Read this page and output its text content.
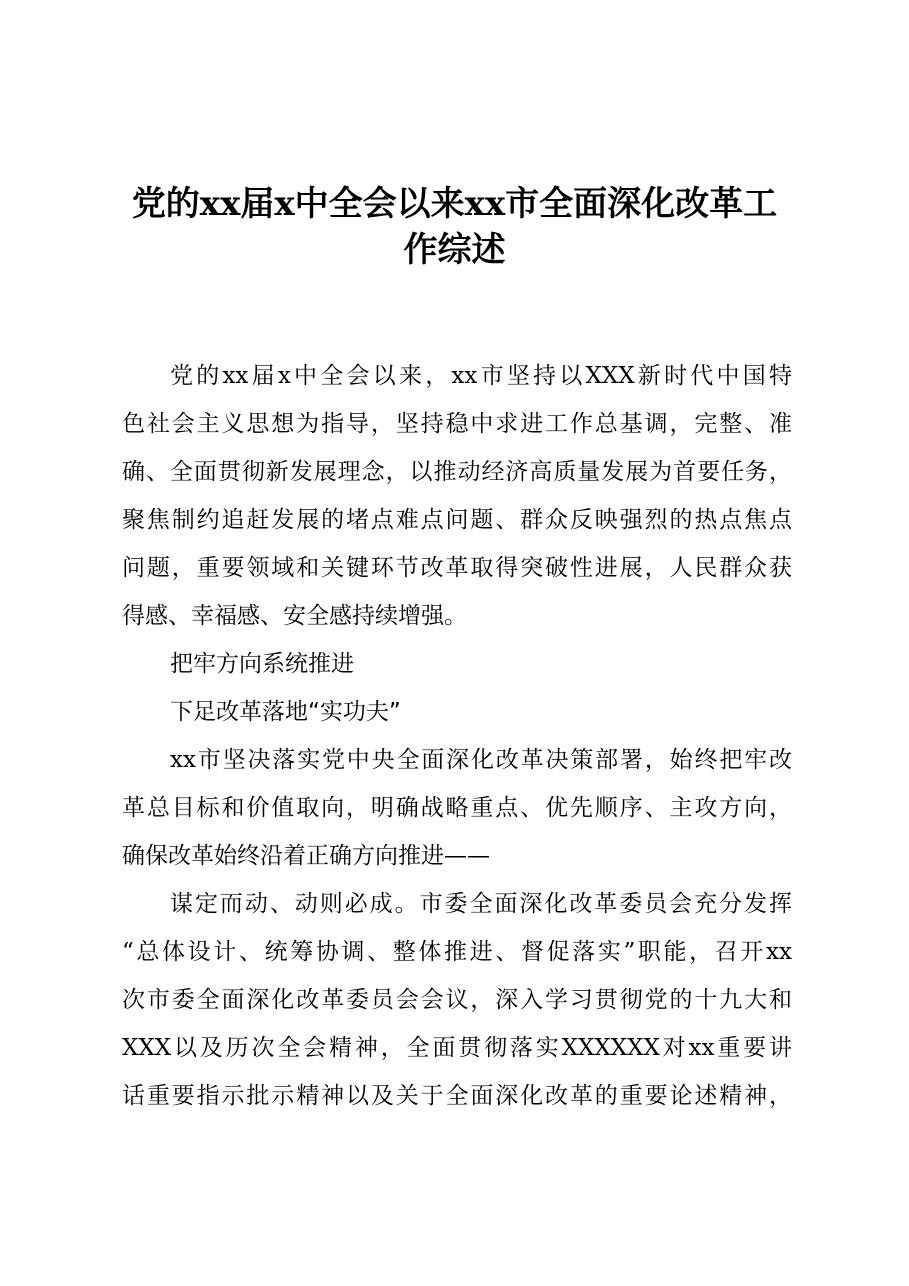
党的xx届x中全会以来xx市全面深化改革工
作综述
党的xx届x中全会以来，xx市坚持以XXX新时代中国特
色社会主义思想为指导，坚持稳中求进工作总基调，完整、准
确、全面贯彻新发展理念，以推动经济高质量发展为首要任务，
聚焦制约追赶发展的堵点难点问题、群众反映强烈的热点焦点
问题，重要领域和关键环节改革取得突破性进展，人民群众获
得感、幸福感、安全感持续增强。
把牢方向系统推进
下足改革落地“实功夫”
xx市坚决落实党中央全面深化改革决策部署，始终把牢改
革总目标和价值取向，明确战略重点、优先顺序、主攻方向，
确保改革始终沿着正确方向推进——
谋定而动、动则必成。市委全面深化改革委员会充分发挥
“总体设计、统筹协调、整体推进、督促落实”职能，召开xx
次市委全面深化改革委员会会议，深入学习贯彻党的十九大和
XXX以及历次全会精神，全面贯彻落实XXXXXX对xx重要讲
话重要指示批示精神以及关于全面深化改革的重要论述精神，
